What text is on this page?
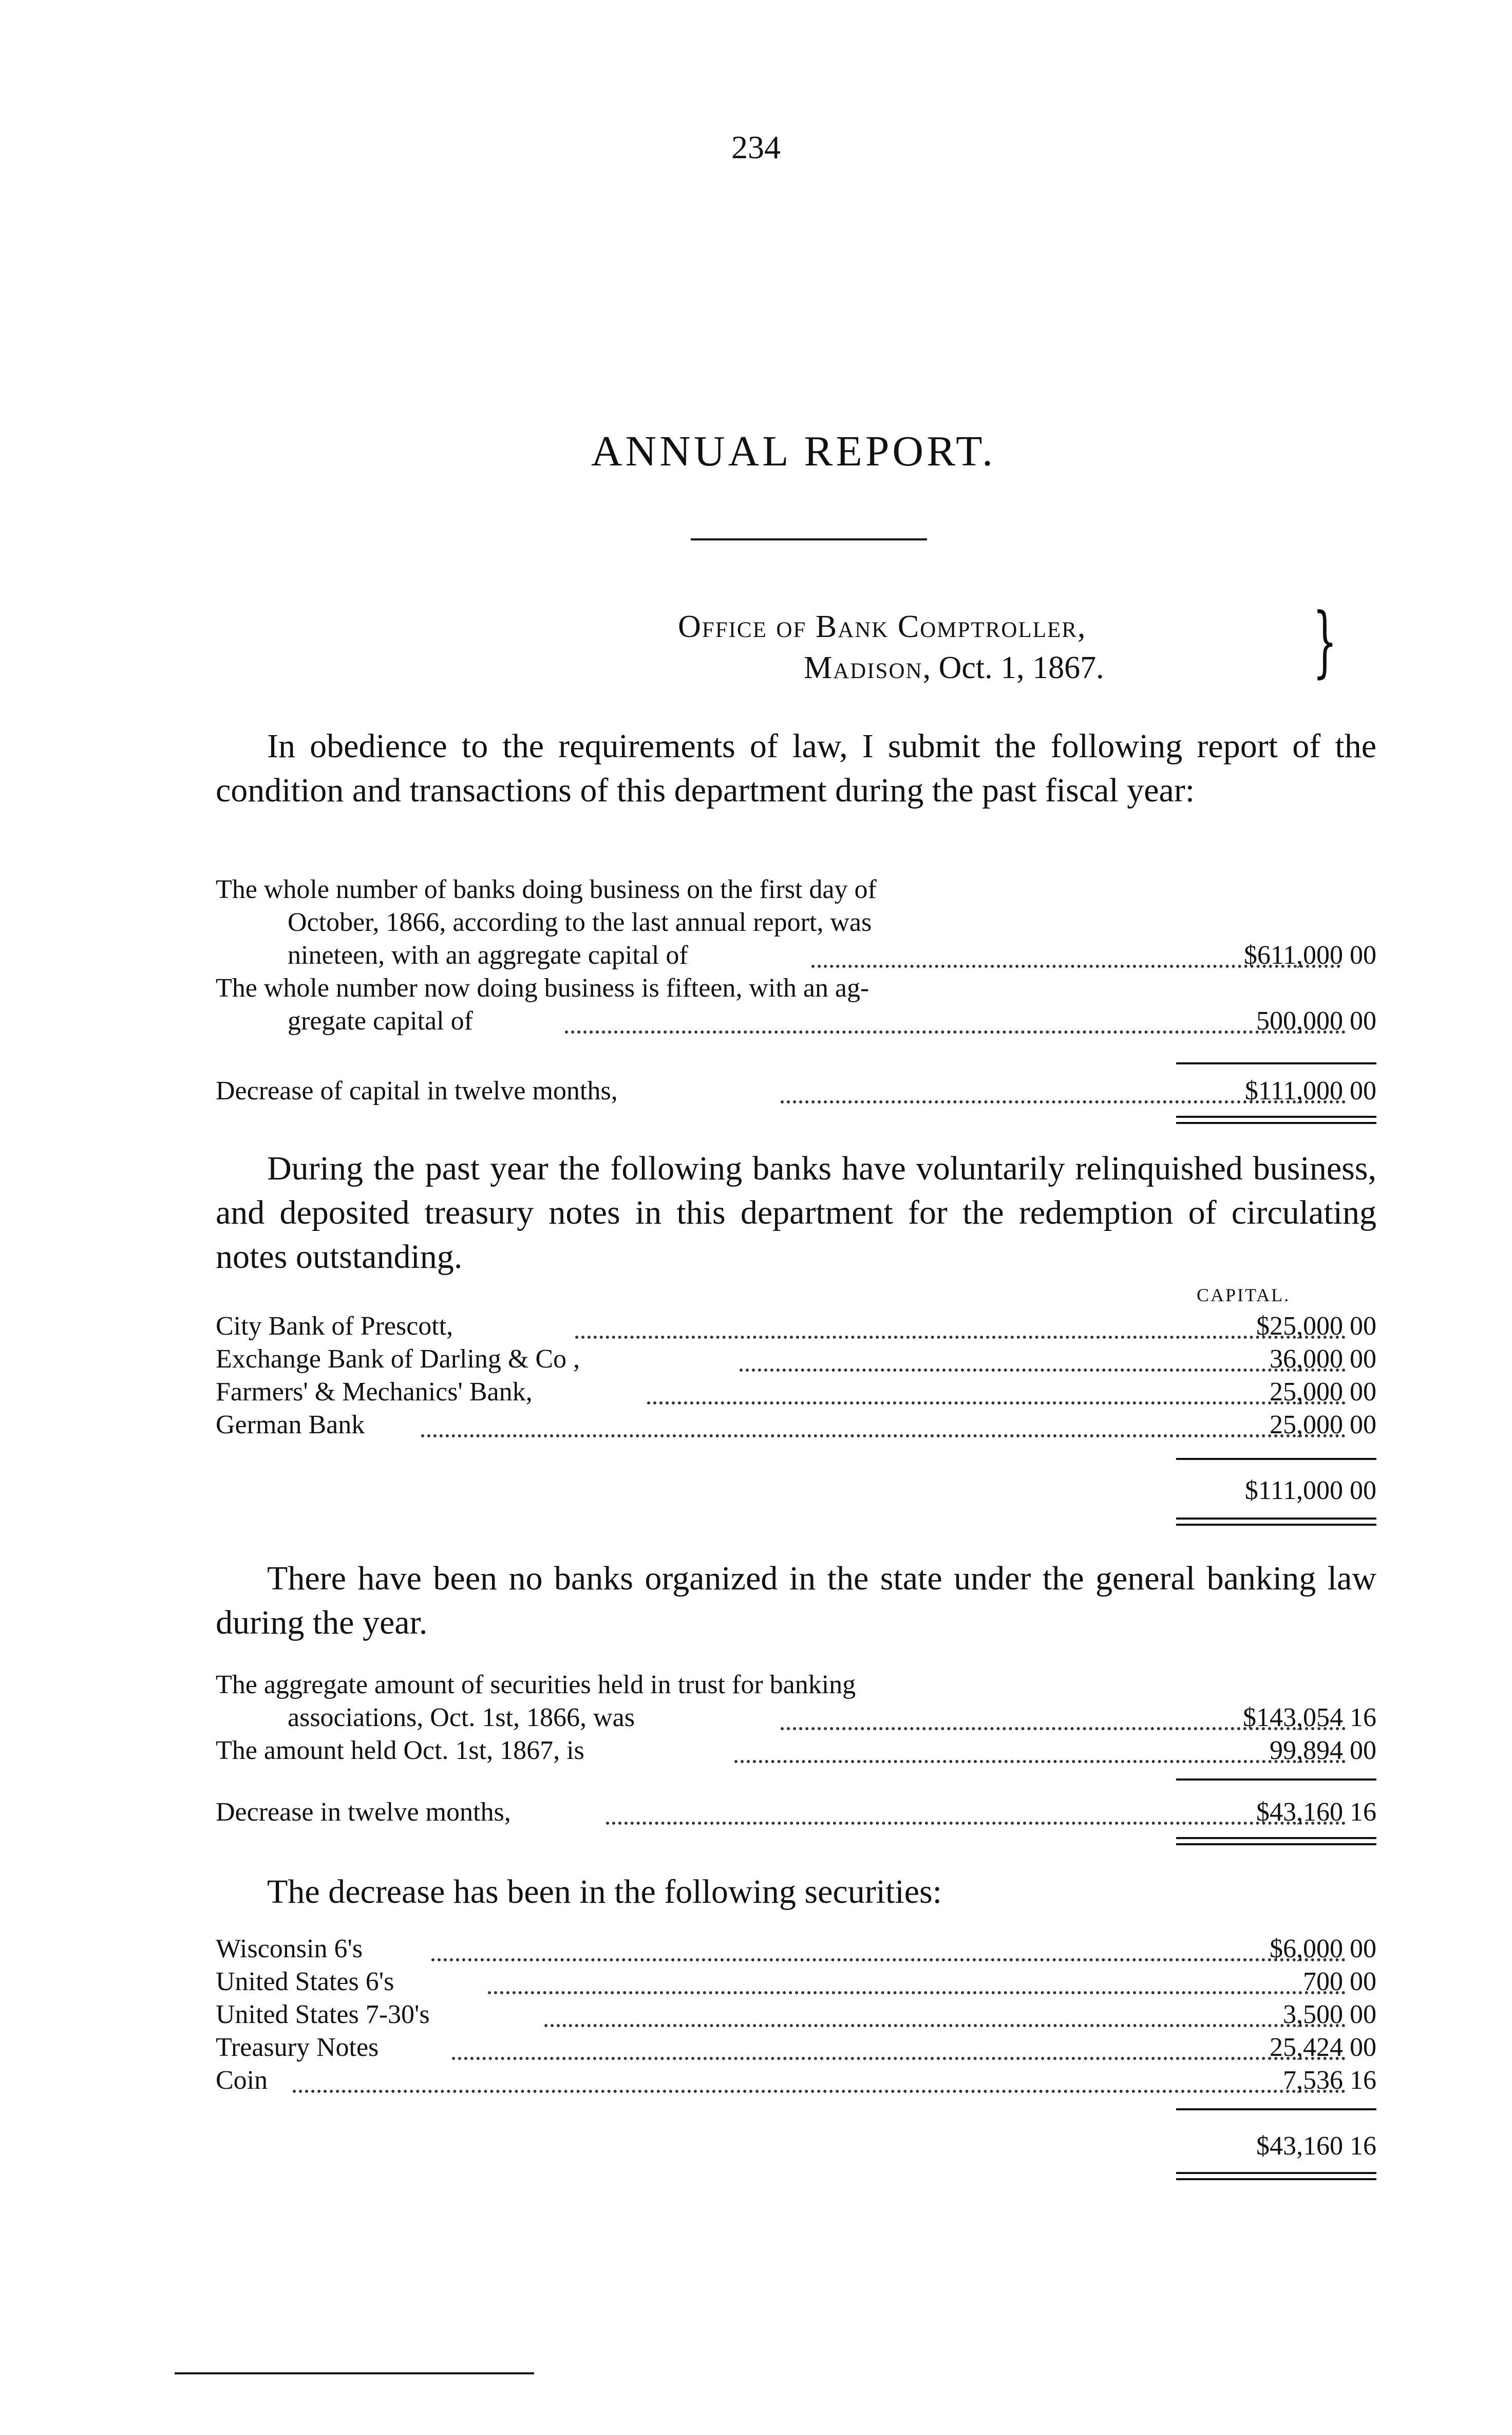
234
ANNUAL REPORT.
Office of Bank Comptroller,
Madison, Oct. 1, 1867.	}
In obedience to the requirements of law, I submit the following report of the condition and transactions of this department during the past fiscal year:
The whole number of banks doing business on the first day of
October, 1866, according to the last annual report, was
nineteen, with an aggregate capital of	$611,000 00
The whole number now doing business is fifteen, with an ag-
gregate capital of	500,000 00
Decrease of capital in twelve months,	$111,000 00
During the past year the following banks have voluntarily relinquished business, and deposited treasury notes in this department for the redemption of circulating notes outstanding.
CAPITAL.
City Bank of Prescott,	$25,000 00
Exchange Bank of Darling & Co ,	36,000 00
Farmers' & Mechanics' Bank,	25,000 00
German Bank	25,000 00
$111,000 00
There have been no banks organized in the state under the general banking law during the year.
The aggregate amount of securities held in trust for banking
associations, Oct. 1st, 1866, was	$143,054 16
The amount held Oct. 1st, 1867, is	99,894 00
Decrease in twelve months,	$43,160 16
The decrease has been in the following securities:
Wisconsin 6's	$6,000 00
United States 6's	700 00
United States 7-30's	3,500 00
Treasury Notes	25,424 00
Coin	7,536 16
$43,160 16
